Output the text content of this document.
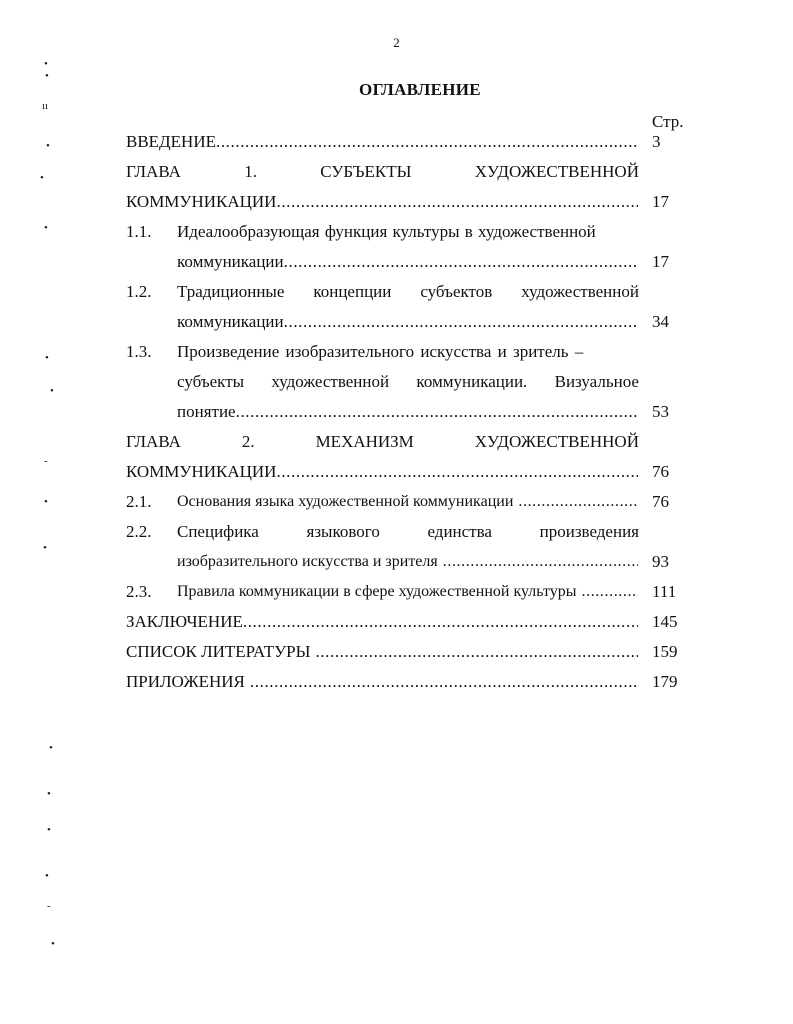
2
ОГЛАВЛЕНИЕ
Стр.
ВВЕДЕНИЕ .....	3
ГЛАВА	1.	СУБЪЕКТЫ	ХУДОЖЕСТВЕННОЙ
КОММУНИКАЦИИ .....	17
1.1. Идеалообразующая функция культуры в художественной
коммуникации .....	17
1.2. Традиционные концепции субъектов художественной
коммуникации .....	34
1.3. Произведение изобразительного искусства и зритель –
субъекты художественной коммуникации. Визуальное
понятие .....	53
ГЛАВА	2.	МЕХАНИЗМ	ХУДОЖЕСТВЕННОЙ
КОММУНИКАЦИИ .....	76
2.1. Основания языка художественной коммуникации .....	76
2.2. Специфика	языкового	единства	произведения
изобразительного искусства и зрителя .....	93
2.3. Правила коммуникации в сфере художественной культуры .....	111
ЗАКЛЮЧЕНИЕ .....	145
СПИСОК ЛИТЕРАТУРЫ .....	159
ПРИЛОЖЕНИЯ .....	179
•
•
ıı
•
•
•
•
•
-
•
•
•
•
•
•
-
•
